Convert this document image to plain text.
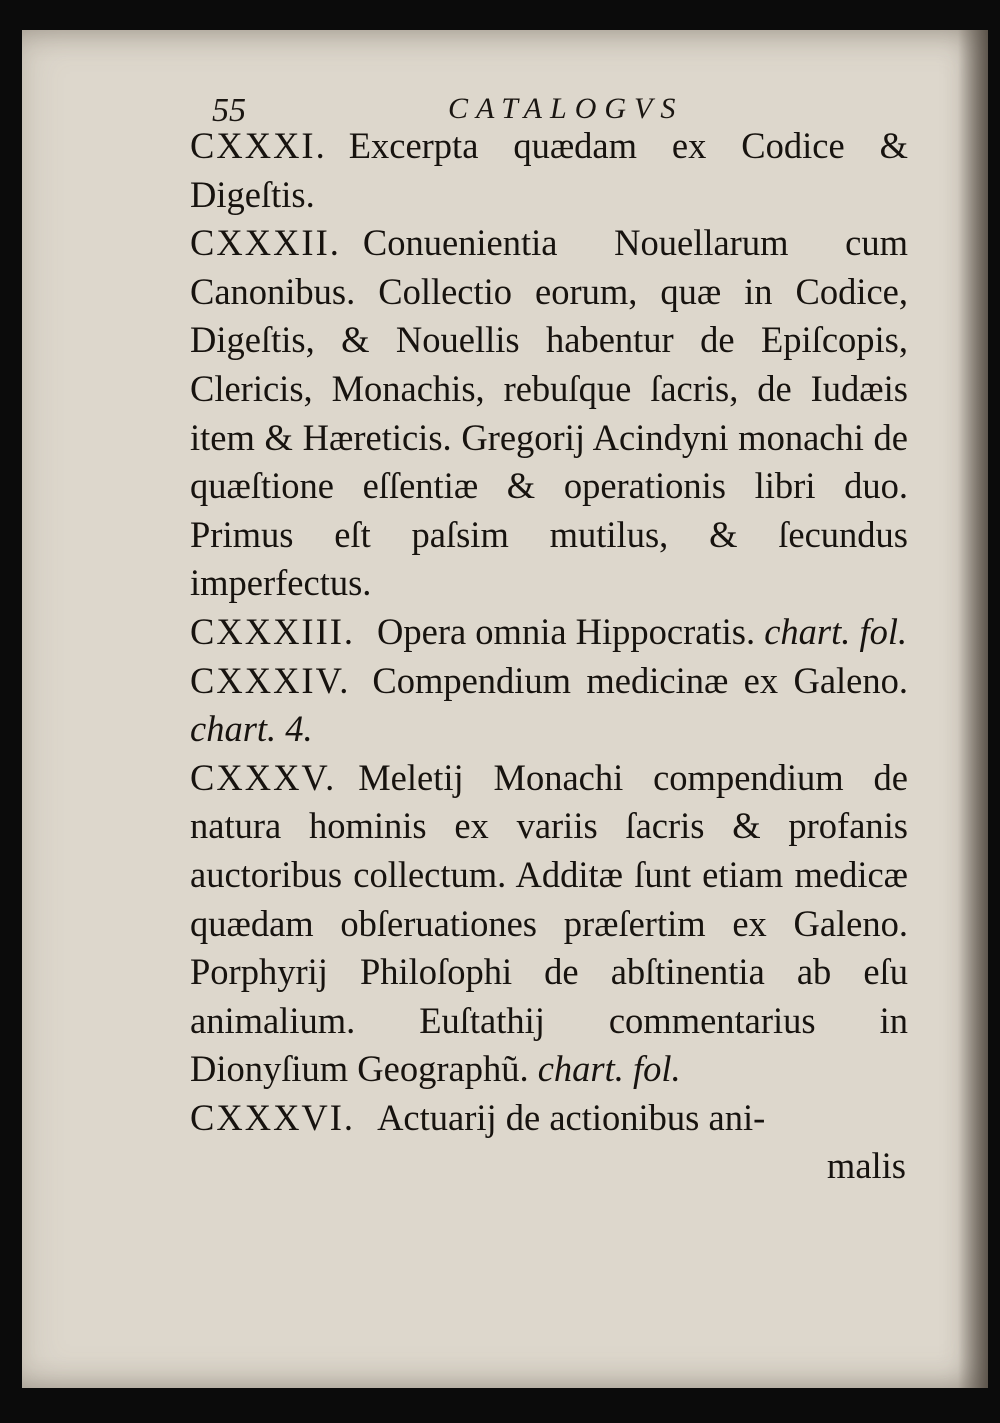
55	CATALOGVS

CXXXI. Excerpta quædam ex Codice & Digeſtis.

CXXXII. Conuenientia Nouellarum cum Canonibus. Collectio eorum, quæ in Codice, Digeſtis, & Nouellis habentur de Epiſcopis, Clericis, Monachis, rebuſque ſacris, de Iudæis item & Hæreticis. Gregorij Acindyni monachi de quæſtione eſſentiæ & operationis libri duo. Primus eſt paſsim mutilus, & ſecundus imperfectus.

CXXXIII. Opera omnia Hippocratis. chart. fol.

CXXXIV. Compendium medicinæ ex Galeno. chart. 4.

CXXXV. Meletij Monachi compendium de natura hominis ex variis ſacris & profanis auctoribus collectum. Additæ ſunt etiam medicæ quædam obſeruationes præſertim ex Galeno. Porphyrij Philoſophi de abſtinentia ab eſu animalium. Euſtathij commentarius in Dionyſium Geographũ. chart. fol.

CXXXVI. Actuarij de actionibus ani-

malis
